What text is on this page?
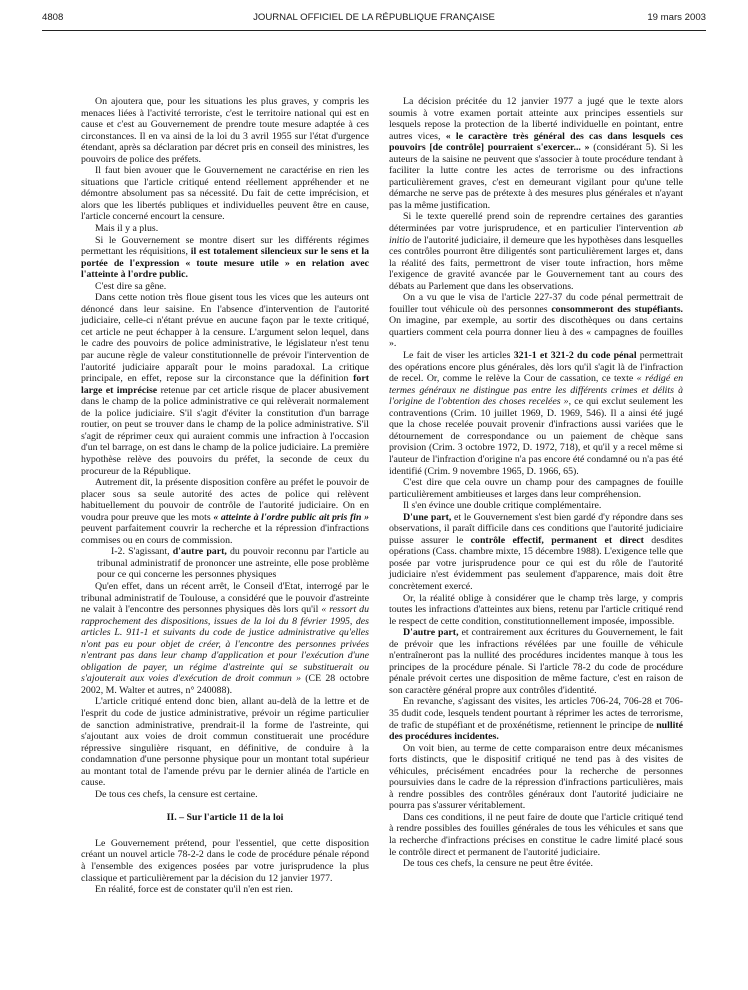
4808	JOURNAL OFFICIEL DE LA RÉPUBLIQUE FRANÇAISE	19 mars 2003

On ajoutera que, pour les situations les plus graves, y compris les menaces liées à l'activité terroriste, c'est le territoire national qui est en cause et c'est au Gouvernement de prendre toute mesure adaptée à ces circonstances. Il en va ainsi de la loi du 3 avril 1955 sur l'état d'urgence étendant, après sa déclaration par décret pris en conseil des ministres, les pouvoirs de police des préfets.

Il faut bien avouer que le Gouvernement ne caractérise en rien les situations que l'article critiqué entend réellement appréhender et ne démontre absolument pas sa nécessité. Du fait de cette imprécision, et alors que les libertés publiques et individuelles peuvent être en cause, l'article concerné encourt la censure.

Mais il y a plus.

Si le Gouvernement se montre disert sur les différents régimes permettant les réquisitions, il est totalement silencieux sur le sens et la portée de l'expression « toute mesure utile » en relation avec l'atteinte à l'ordre public.

C'est dire sa gêne.

Dans cette notion très floue gisent tous les vices que les auteurs ont dénoncé dans leur saisine. En l'absence d'intervention de l'autorité judiciaire, celle-ci n'étant prévue en aucune façon par le texte critiqué, cet article ne peut échapper à la censure. L'argument selon lequel, dans le cadre des pouvoirs de police administrative, le législateur n'est tenu par aucune règle de valeur constitutionnelle de prévoir l'intervention de l'autorité judiciaire apparaît pour le moins paradoxal. La critique principale, en effet, repose sur la circonstance que la définition fort large et imprécise retenue par cet article risque de placer abusivement dans le champ de la police administrative ce qui relèverait normalement de la police judiciaire. S'il s'agit d'éviter la constitution d'un barrage routier, on peut se trouver dans le champ de la police administrative. S'il s'agit de réprimer ceux qui auraient commis une infraction à l'occasion d'un tel barrage, on est dans le champ de la police judiciaire. La première hypothèse relève des pouvoirs du préfet, la seconde de ceux du procureur de la République.

Autrement dit, la présente disposition confère au préfet le pouvoir de placer sous sa seule autorité des actes de police qui relèvent habituellement du pouvoir de contrôle de l'autorité judiciaire. On en voudra pour preuve que les mots « atteinte à l'ordre public ait pris fin » peuvent parfaitement couvrir la recherche et la répression d'infractions commises ou en cours de commission.

I-2. S'agissant, d'autre part, du pouvoir reconnu par l'article au tribunal administratif de prononcer une astreinte, elle pose problème pour ce qui concerne les personnes physiques

Qu'en effet, dans un récent arrêt, le Conseil d'Etat, interrogé par le tribunal administratif de Toulouse, a considéré que le pouvoir d'astreinte ne valait à l'encontre des personnes physiques dès lors qu'il « ressort du rapprochement des dispositions, issues de la loi du 8 février 1995, des articles L. 911-1 et suivants du code de justice administrative qu'elles n'ont pas eu pour objet de créer, à l'encontre des personnes privées n'entrant pas dans leur champ d'application et pour l'exécution d'une obligation de payer, un régime d'astreinte qui se substituerait ou s'ajouterait aux voies d'exécution de droit commun » (CE 28 octobre 2002, M. Walter et autres, n° 240088).

L'article critiqué entend donc bien, allant au-delà de la lettre et de l'esprit du code de justice administrative, prévoir un régime particulier de sanction administrative, prendrait-il la forme de l'astreinte, qui s'ajoutant aux voies de droit commun constituerait une procédure répressive singulière risquant, en définitive, de conduire à la condamnation d'une personne physique pour un montant total supérieur au montant total de l'amende prévu par le dernier alinéa de l'article en cause.

De tous ces chefs, la censure est certaine.

II. – Sur l'article 11 de la loi

Le Gouvernement prétend, pour l'essentiel, que cette disposition créant un nouvel article 78-2-2 dans le code de procédure pénale répond à l'ensemble des exigences posées par votre jurisprudence la plus classique et particulièrement par la décision du 12 janvier 1977.

En réalité, force est de constater qu'il n'en est rien.

La décision précitée du 12 janvier 1977 a jugé que le texte alors soumis à votre examen portait atteinte aux principes essentiels sur lesquels repose la protection de la liberté individuelle en pointant, entre autres vices, « le caractère très général des cas dans lesquels ces pouvoirs [de contrôle] pourraient s'exercer... » (considérant 5). Si les auteurs de la saisine ne peuvent que s'associer à toute procédure tendant à faciliter la lutte contre les actes de terrorisme ou des infractions particulièrement graves, c'est en demeurant vigilant pour qu'une telle démarche ne serve pas de prétexte à des mesures plus générales et n'ayant pas la même justification.

Si le texte querellé prend soin de reprendre certaines des garanties déterminées par votre jurisprudence, et en particulier l'intervention ab initio de l'autorité judiciaire, il demeure que les hypothèses dans lesquelles ces contrôles pourront être diligentés sont particulièrement larges et, dans la réalité des faits, permettront de viser toute infraction, hors même l'exigence de gravité avancée par le Gouvernement tant au cours des débats au Parlement que dans les observations.

On a vu que le visa de l'article 227-37 du code pénal permettrait de fouiller tout véhicule où des personnes consommeront des stupéfiants. On imagine, par exemple, au sortir des discothèques ou dans certains quartiers comment cela pourra donner lieu à des « campagnes de fouilles ».

Le fait de viser les articles 321-1 et 321-2 du code pénal permettrait des opérations encore plus générales, dès lors qu'il s'agit là de l'infraction de recel. Or, comme le relève la Cour de cassation, ce texte « rédigé en termes généraux ne distingue pas entre les différents crimes et délits à l'origine de l'obtention des choses recelées », ce qui exclut seulement les contraventions (Crim. 10 juillet 1969, D. 1969, 546). Il a ainsi été jugé que la chose recelée pouvait provenir d'infractions aussi variées que le détournement de correspondance ou un paiement de chèque sans provision (Crim. 3 octobre 1972, D. 1972, 718), et qu'il y a recel même si l'auteur de l'infraction d'origine n'a pas encore été condamné ou n'a pas été identifié (Crim. 9 novembre 1965, D. 1966, 65).

C'est dire que cela ouvre un champ pour des campagnes de fouille particulièrement ambitieuses et larges dans leur compréhension.

Il s'en évince une double critique complémentaire.

D'une part, et le Gouvernement s'est bien gardé d'y répondre dans ses observations, il paraît difficile dans ces conditions que l'autorité judiciaire puisse assurer le contrôle effectif, permanent et direct desdites opérations (Cass. chambre mixte, 15 décembre 1988). L'exigence telle que posée par votre jurisprudence pour ce qui est du rôle de l'autorité judiciaire n'est évidemment pas seulement d'apparence, mais doit être concrètement exercé.

Or, la réalité oblige à considérer que le champ très large, y compris toutes les infractions d'atteintes aux biens, retenu par l'article critiqué rend le respect de cette condition, constitutionnellement imposée, impossible.

D'autre part, et contrairement aux écritures du Gouvernement, le fait de prévoir que les infractions révélées par une fouille de véhicule n'entraîneront pas la nullité des procédures incidentes manque à tous les principes de la procédure pénale. Si l'article 78-2 du code de procédure pénale prévoit certes une disposition de même facture, c'est en raison de son caractère général propre aux contrôles d'identité.

En revanche, s'agissant des visites, les articles 706-24, 706-28 et 706-35 dudit code, lesquels tendent pourtant à réprimer les actes de terrorisme, de trafic de stupéfiant et de proxénétisme, retiennent le principe de nullité des procédures incidentes.

On voit bien, au terme de cette comparaison entre deux mécanismes forts distincts, que le dispositif critiqué ne tend pas à des visites de véhicules, précisément encadrées pour la recherche de personnes poursuivies dans le cadre de la répression d'infractions particulières, mais à rendre possibles des contrôles généraux dont l'autorité judiciaire ne pourra pas s'assurer véritablement.

Dans ces conditions, il ne peut faire de doute que l'article critiqué tend à rendre possibles des fouilles générales de tous les véhicules et sans que la recherche d'infractions précises en constitue le cadre limité placé sous le contrôle direct et permanent de l'autorité judiciaire.

De tous ces chefs, la censure ne peut être évitée.
